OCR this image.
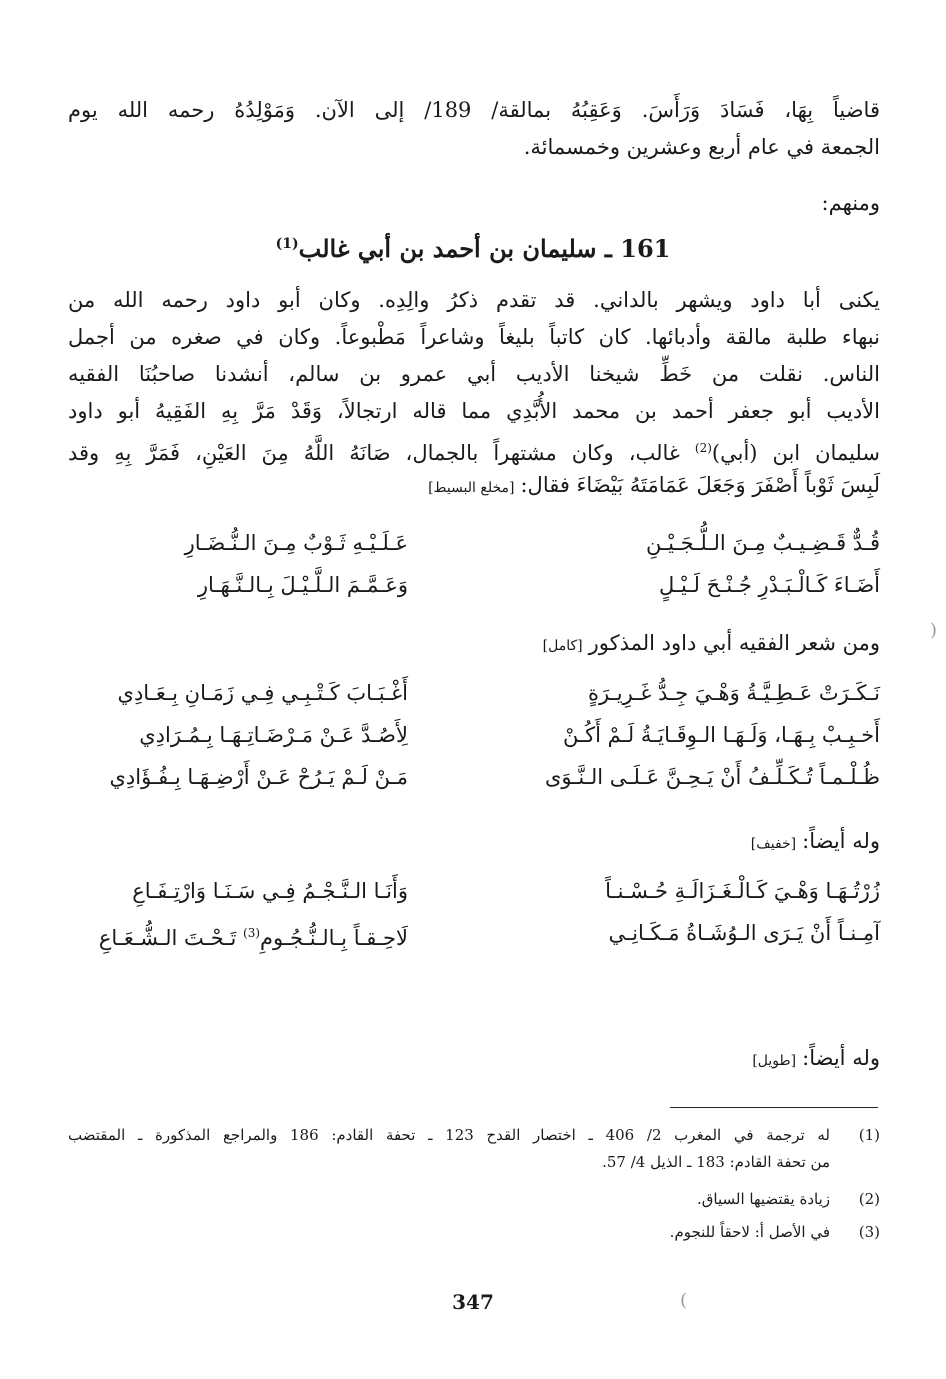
قاضياً بِهَا، فَسَادَ وَرَأَسَ. وَعَقِبُهُ بمالقة/ 189/ إلى الآن. وَمَوْلِدُهُ رحمه الله يوم
الجمعة في عام أربع وعشرين وخمسمائة.
ومنهم:
161 ـ سليمان بن أحمد بن أبي غالب$^{(1)}$
يكنى أبا داود ويشهر بالداني. قد تقدم ذكرُ والِدِه. وكان أبو داود رحمه الله من
نبهاء طلبة مالقة وأدبائها. كان كاتباً بليغاً وشاعراً مَطْبوعاً. وكان في صغره من أجمل
الناس. نقلت من خَطِّ شيخنا الأديب أبي عمرو بن سالم، أنشدنا صاحبُنَا الفقيه
الأديب أبو جعفر أحمد بن محمد الأُبَّدِي مما قاله ارتجالاً، وَقَدْ مَرَّ بِهِ الفَقِيهُ أبو داود
سليمان ابن (أبي)$^{(2)}$ غالب، وكان مشتهراً بالجمال، صَانَهُ اللَّهُ مِنَ العَيْنِ، فَمَرَّ بِهِ وقد
لَبِسَ ثَوْباً أَصْفَرَ وَجَعَلَ عَمَامَتَهُ بَيْضَاءَ فقال:[مخلع البسيط]
قُـدٌّ قَـضِـيـبٌ مِـنَ الـلُّـجَـيْـنِ
عَـلَـيْـهِ ثَـوْبٌ مِـنَ الـنُّـضَـارِ
أَضَـاءَ كَـالْـبَـدْرِ جُـنْـحَ لَـيْـلٍ
وَعَـمَّـمَ الـلَّـيْـلَ بِـالـنَّـهَـارِ
ومن شعر الفقيه أبي داود المذكور[كامل]
نَـكَـرَتْ عَـطِـيَّـةُ وَهْـيَ جِـدُّ غَـرِيـرَةٍ
أَغْـبَـابَ كَـتْـبِـي فِـي زَمَـانِ بِـعَـادِي
أَخـبِـبْ بِـهَـا، وَلَـهَـا الـوِقَـايَـةُ لَـمْ أَكُـنْ
لِأَصُـدَّ عَـنْ مَـرْضَـاتِـهَـا بِـمُـرَادِي
ظُـلْـمـاً تُـكَـلِّـفُ أَنْ يَـحِـنَّ عَـلَـى الـنَّـوَى
مَـنْ لَـمْ يَـرُحْ عَـنْ أَرْضِـهَـا بِـفُـؤَادِي
وله أيضاً:[خفيف]
زُرْتُـهَـا وَهْـيَ كَـالْـغَـزَالَـةِ حُـسْـنـاً
وَأَنَـا الـنَّـجْـمُ فِـي سَـنَـا وَارْتِـفَـاعِ
آمِـنـاً أَنْ يَـرَى الـوُشَـاةُ مَـكَـانِـي
لَاحِـقـاً بِـالـنُّـجُـومِ$^{(3)}$ تَـحْـتَ الـشُّـعَـاعِ
وله أيضاً:[طويل]
(1)
له ترجمة في المغرب 2/ 406 ـ اختصار القدح 123 ـ تحفة القادم: 186 والمراجع المذكورة ـ المقتضب
من تحفة القادم: 183 ـ الذيل 4/ 57.
(2)
زيادة يقتضيها السياق.
(3)
في الأصل أ: لاحقاً للنجوم.
347
(
)
